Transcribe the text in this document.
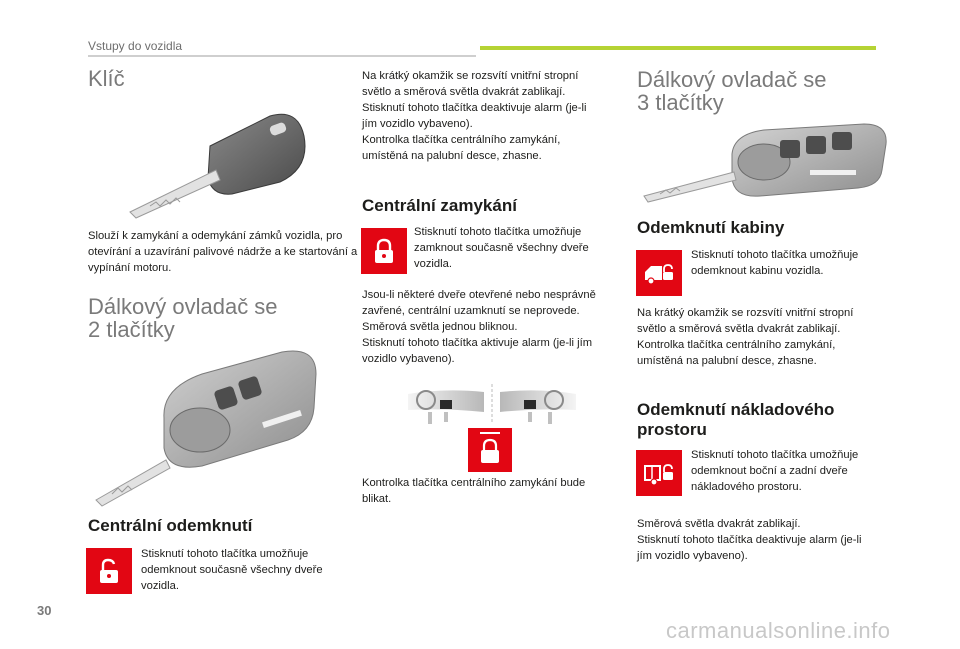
Vstupy do vozidla
Klíč
Slouží k zamykání a odemykání zámků vozidla, pro otevírání a uzavírání palivové nádrže a ke startování a vypínání motoru.
Dálkový ovladač se
2 tlačítky
Centrální odemknutí
Stisknutí tohoto tlačítka umožňuje odemknout současně všechny dveře vozidla.

Na krátký okamžik se rozsvítí vnitřní stropní

světlo a směrová světla dvakrát zablikají.

Stisknutí tohoto tlačítka deaktivuje alarm (je-li

jím vozidlo vybaveno).

Kontrolka tlačítka centrálního zamykání,

umístěná na palubní desce, zhasne.

Centrální zamykání
Stisknutí tohoto tlačítka umožňuje zamknout současně všechny dveře vozidla.

Jsou-li některé dveře otevřené nebo nesprávně

zavřené, centrální uzamknutí se neprovede.

Směrová světla jednou bliknou.

Stisknutí tohoto tlačítka aktivuje alarm (je-li jím

vozidlo vybaveno).

Kontrolka tlačítka centrálního zamykání bude

blikat.

Dálkový ovladač se
3 tlačítky
Odemknutí kabiny
Stisknutí tohoto tlačítka umožňuje odemknout kabinu vozidla.

Na krátký okamžik se rozsvítí vnitřní stropní

světlo a směrová světla dvakrát zablikají.

Kontrolka tlačítka centrálního zamykání,

umístěná na palubní desce, zhasne.

Odemknutí nákladového
prostoru
Stisknutí tohoto tlačítka umožňuje odemknout boční a zadní dveře nákladového prostoru.

Směrová světla dvakrát zablikají.

Stisknutí tohoto tlačítka deaktivuje alarm (je-li

jím vozidlo vybaveno).

30
carmanualsonline.info
